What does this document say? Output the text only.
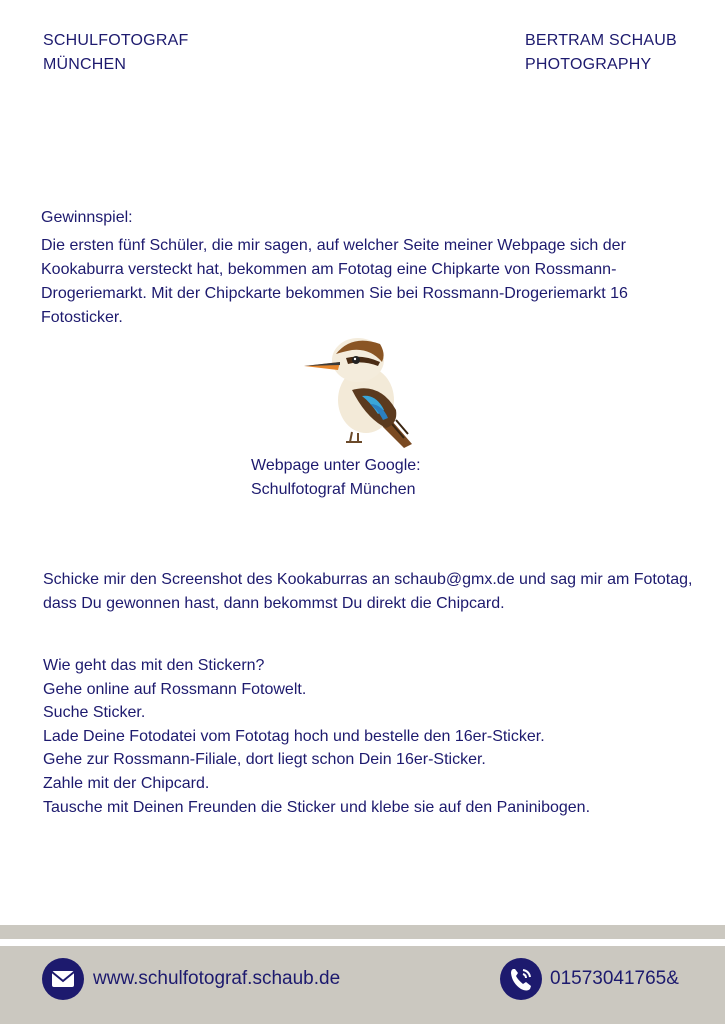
SCHULFOTOGRAF
MÜNCHEN
BERTRAM SCHAUB
PHOTOGRAPHY
Gewinnspiel:
Die ersten fünf Schüler, die mir sagen, auf welcher Seite meiner Webpage sich der Kookaburra versteckt hat, bekommen am Fototag eine Chipkarte von Rossmann-Drogeriemarkt. Mit der Chipckarte bekommen Sie bei Rossmann-Drogeriemarkt 16 Fotosticker.
Webpage unter Google:
Schulfotograf München
Schicke mir den Screenshot des Kookaburras an schaub@gmx.de und sag mir am Fototag, dass Du gewonnen hast, dann bekommst Du direkt die Chipcard.
Wie geht das mit den Stickern?
Gehe online auf Rossmann Fotowelt.
Suche Sticker.
Lade Deine Fotodatei vom Fototag hoch und bestelle den 16er-Sticker.
Gehe zur Rossmann-Filiale, dort liegt schon Dein 16er-Sticker.
Zahle mit der Chipcard.
Tausche mit Deinen Freunden die Sticker und klebe sie auf den Paninibogen.
www.schulfotograf.schaub.de	01573041765&
